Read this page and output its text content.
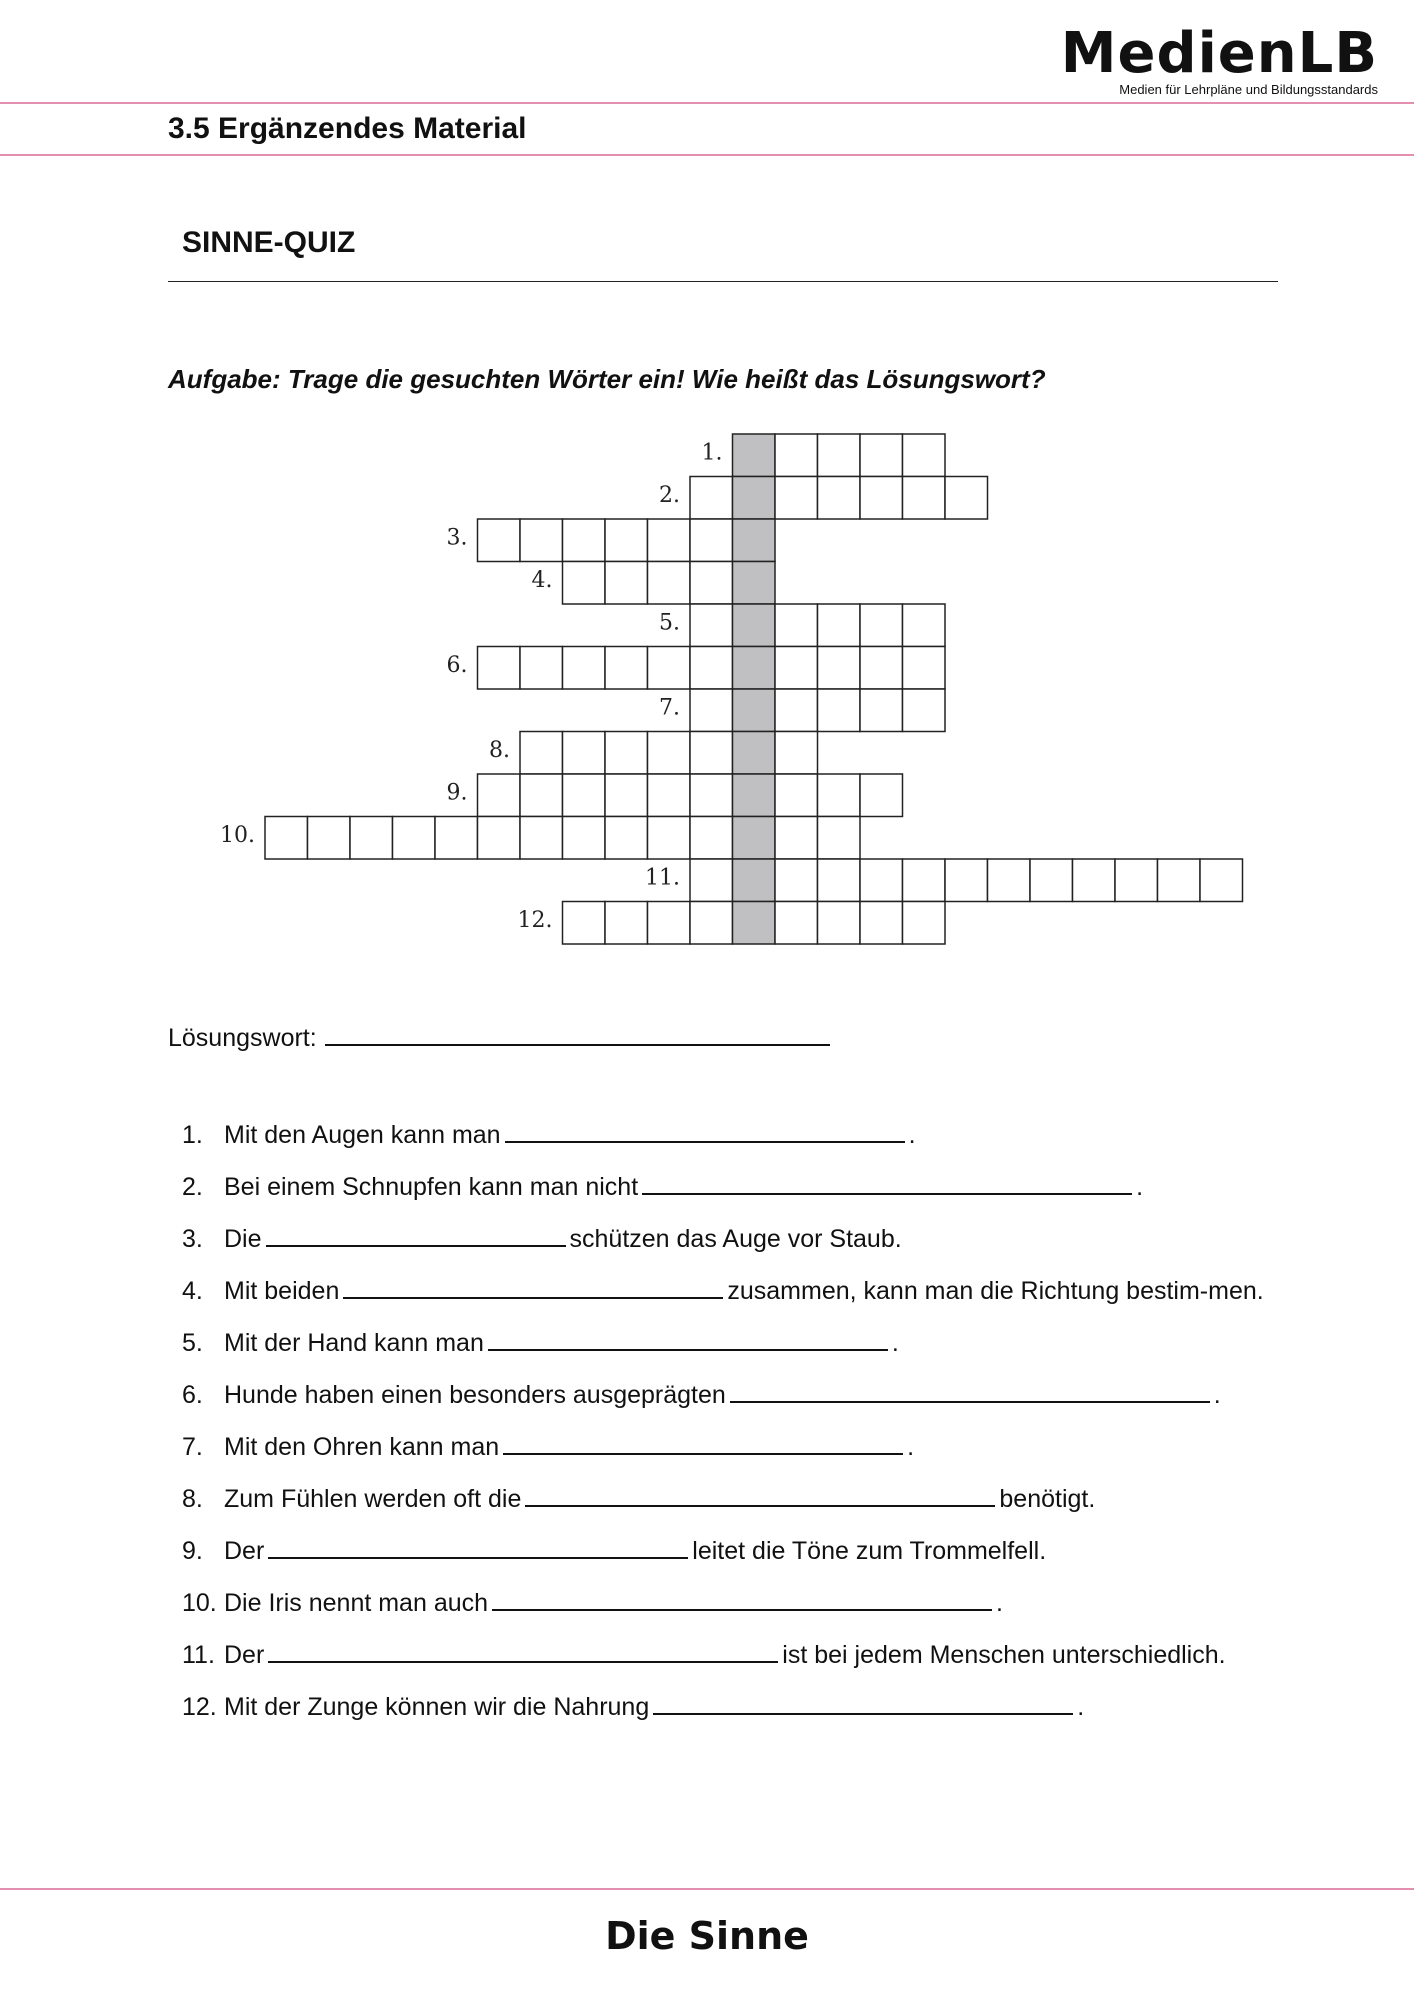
MedienLB
Medien für Lehrpläne und Bildungsstandards
3.5 Ergänzendes Material
SINNE-QUIZ
Aufgabe: Trage die gesuchten Wörter ein! Wie heißt das Lösungswort?
1.
2.
3.
4.
5.
6.
7.
8.
9.
10.
11.
12.
Lösungswort:
1. Mit den Augen kann man	.
2. Bei einem Schnupfen kann man nicht	.
3. Die	schützen das Auge vor Staub.
4. Mit beiden	zusammen, kann man die Richtung bestim-men.
5. Mit der Hand kann man	.
6. Hunde haben einen besonders ausgeprägten	.
7. Mit den Ohren kann man	.
8. Zum Fühlen werden oft die	benötigt.
9. Der	leitet die Töne zum Trommelfell.
10. Die Iris nennt man auch	.
11. Der	ist bei jedem Menschen unterschiedlich.
12. Mit der Zunge können wir die Nahrung	.
Die Sinne
